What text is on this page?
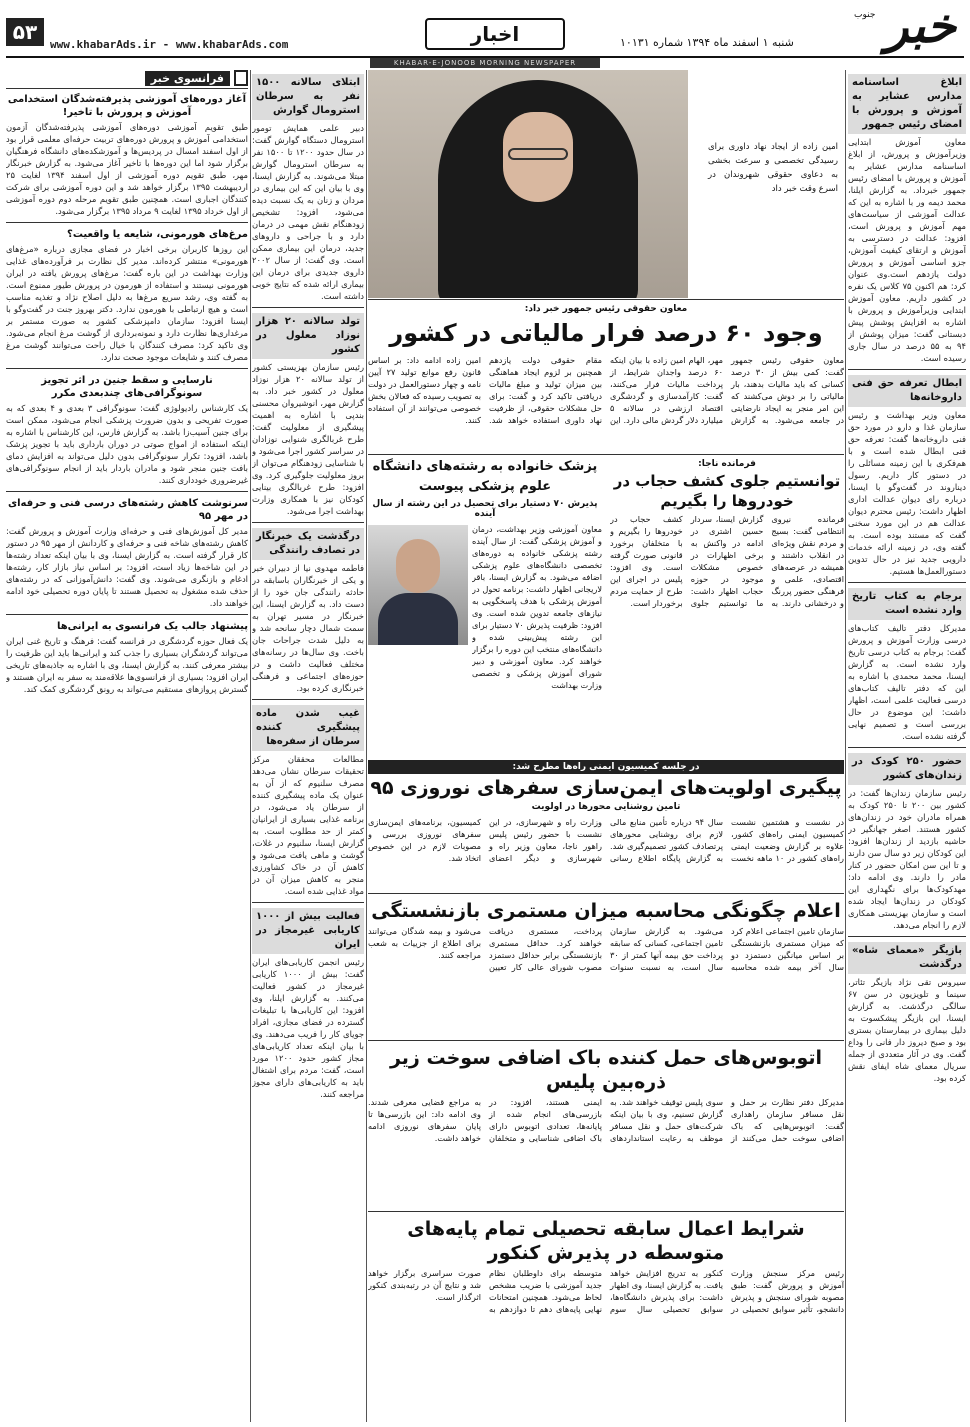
۵۳
www.khabarAds.ir - www.khabarAds.com	اخبار	شنبه ۱ اسفند ماه ۱۳۹۴ شماره ۱۰۱۳۱ خبر
جنوب
KHABAR-E-JONOOB MORNING NEWSPAPER
ابلاغ اساسنامه مدارس عشایر به آموزش و پرورش با امضای رئیس جمهور

معاون آموزش ابتدایی وزیرآموزش و پرورش، از ابلاغ اساسنامه مدارس عشایر به آموزش و پرورش با امضای رئیس جمهور خبرداد. به گزارش ایلنا، محمد دیمه ور با اشاره به این که عدالت آموزشی از سیاست‌های مهم آموزش و پرورش است، افزود: عدالت در دسترسی به آموزش و ارتقای کیفیت آموزش، جزو اساسی آموزش و پرورش دولت یازدهم است.وی عنوان کرد: هم اکنون ۷۵ کلاس یک نفره در کشور داریم. معاون آموزش ابتدایی وزیرآموزش و پرورش با اشاره به افزایش پوشش پیش دبستانی گفت: میزان پوشش از ۹۴ به ۵۵ درصد در سال جاری رسیده است.

ابطال تعرفه حق فنی داروخانه‌ها

معاون وزیر بهداشت و رئیس سازمان غذا و دارو در مورد حق فنی داروخانه‌ها گفت: تعرفه حق فنی ابطال شده است و با هم‌فکری با این زمینه مسائلی را در دستور کار داریم. رسول دیناروند در گفت‌وگو با ایسنا، درباره رای دیوان عدالت اداری اظهار داشت: رئیس محترم دیوان عدالت هم در این مورد سخنی گفت که مستند بوده است. به گفته وی، در زمینه ارائه خدمات دارویی جدید نیز در حال تدوین دستورالعمل‌ها هستیم.

برجام به کتاب تاریخ وارد نشده است

مدیرکل دفتر تالیف کتاب‌های درسی وزارت آموزش و پرورش گفت: برجام به کتاب درسی تاریخ وارد نشده است. به گزارش ایسنا، محمد محمدی با اشاره به این که دفتر تالیف کتاب‌های درسی فعالیت علمی است، اظهار داشت: این موضوع در حال بررسی است و تصمیم نهایی گرفته نشده است.

حضور ۲۵۰ کودک در زندان‌های کشور

رئیس سازمان زندان‌ها گفت: در کشور بین ۲۰۰ تا ۲۵۰ کودک به همراه مادران خود در زندان‌های کشور هستند. اصغر جهانگیر در حاشیه بازدید از زندان‌ها افزود: این کودکان زیر دو سال سن دارند و تا این سن امکان حضور در کنار مادر را دارند. وی ادامه داد: مهدکودک‌ها برای نگهداری این کودکان در زندان‌ها ایجاد شده است و سازمان بهزیستی همکاری لازم را انجام می‌دهد.

بازیگر «معمای شاه» درگذشت

سیروس تقی نژاد بازیگر تئاتر، سینما و تلویزیون در سن ۶۷ سالگی درگذشت. به گزارش ایسنا، این بازیگر پیشکسوت به دلیل بیماری در بیمارستان بستری بود و صبح دیروز دار فانی را وداع گفت. وی در آثار متعددی از جمله سریال معمای شاه ایفای نقش کرده بود.

امین زاده از ایجاد نهاد داوری برای رسیدگی تخصصی و سرعت بخشی به دعاوی حقوقی شهروندان در اسرع وقت خبر داد
معاون حقوقی رئیس جمهور خبر داد:
وجود ۶۰ درصد فرار مالیاتی در کشور
معاون حقوقی رئیس جمهور گفت: کمی بیش از ۳۰ درصد کسانی که باید مالیات بدهند، بار مالیاتی را بر دوش می‌کشند که این امر منجر به ایجاد نارضایتی در جامعه می‌شود. به گزارش مهر، الهام امین زاده با بیان اینکه ۶۰ درصد واجدان شرایط، از پرداخت مالیات فرار می‌کنند، گفت: کارآمدسازی و گردشگری اقتصاد ارزشی در سالانه ۵ میلیارد دلار گردش مالی دارد. این مقام حقوقی دولت یازدهم همچنین بر لزوم ایجاد هماهنگی بین میزان تولید و مبلغ مالیات دریافتی تاکید کرد و گفت: برای حل مشکلات حقوقی، از ظرفیت نهاد داوری استفاده خواهد شد. امین زاده ادامه داد: بر اساس قانون رفع موانع تولید ۲۷ آیین نامه و چهار دستورالعمل در دولت به تصویب رسیده که فعالان بخش خصوصی می‌توانند از آن استفاده کنند.
فرمانده ناجا:
توانستیم جلوی کشف حجاب در خودروها را بگیریم
فرمانده نیروی انتظامی گفت: بسیج و مردم نقش ویژه‌ای در انقلاب داشتند و همیشه در عرصه‌های اقتصادی، علمی و فرهنگی حضور پررنگ و درخشانی دارند. به گزارش ایسنا، سردار حسین اشتری در ادامه در واکنش به برخی اظهارات در خصوص مشکلات موجود در حوزه حجاب اظهار داشت: ما توانستیم جلوی کشف حجاب در خودروها را بگیریم و با متخلفان برخورد قانونی صورت گرفته است. وی افزود: پلیس در اجرای این طرح از حمایت مردم برخوردار است.
پزشک خانواده به رشته‌های دانشگاه علوم پزشکی پیوست
پذیرش ۷۰ دستیار برای تحصیل در این رشته از سال آینده
معاون آموزشی وزیر بهداشت، درمان و آموزش پزشکی گفت: از سال آینده رشته پزشکی خانواده به دوره‌های تخصصی دانشگاه‌های علوم پزشکی اضافه می‌شود. به گزارش ایسنا، باقر لاریجانی اظهار داشت: برنامه تحول در آموزش پزشکی با هدف پاسخگویی به نیازهای جامعه تدوین شده است. وی افزود: ظرفیت پذیرش ۷۰ دستیار برای این رشته پیش‌بینی شده و دانشگاه‌های منتخب این دوره را برگزار خواهند کرد. معاون آموزشی و دبیر شورای آموزش پزشکی و تخصصی وزارت بهداشت
در جلسه کمیسیون ایمنی راه‌ها مطرح شد:
پیگیری اولویت‌های ایمن‌سازی سفرهای نوروزی ۹۵
تامین روشنایی محورها در اولویت
در نشست و هشتمین نشست کمیسیون ایمنی راه‌های کشور، علاوه بر گزارش وضعیت ایمنی راه‌های کشور در ۱۰ ماهه نخست سال ۹۴ درباره تأمین منابع مالی لازم برای روشنایی محورهای پرتصادف کشور تصمیم‌گیری شد. به گزارش پایگاه اطلاع رسانی وزارت راه و شهرسازی، در این نشست با حضور رئیس پلیس راهور ناجا، معاون وزیر راه و شهرسازی و دیگر اعضای کمیسیون، برنامه‌های ایمن‌سازی سفرهای نوروزی بررسی و مصوبات لازم در این خصوص اتخاذ شد.
اعلام چگونگی محاسبه میزان مستمری بازنشستگی
سازمان تامین اجتماعی اعلام کرد که میزان مستمری بازنشستگی بر اساس میانگین دستمزد دو سال آخر بیمه شده محاسبه می‌شود. به گزارش سازمان تامین اجتماعی، کسانی که سابقه پرداخت حق بیمه آنها کمتر از ۳۰ سال است، به نسبت سنوات پرداخت، مستمری دریافت خواهند کرد. حداقل مستمری بازنشستگی برابر حداقل دستمزد مصوب شورای عالی کار تعیین می‌شود و بیمه شدگان می‌توانند برای اطلاع از جزییات به شعب مراجعه کنند.
اتوبوس‌های حمل کننده باک اضافی سوخت زیر ذره‌بین پلیس
مدیرکل دفتر نظارت بر حمل و نقل مسافر سازمان راهداری گفت: اتوبوس‌هایی که باک اضافی سوخت حمل می‌کنند از سوی پلیس توقیف خواهند شد. به گزارش تسنیم، وی با بیان اینکه شرکت‌های حمل و نقل مسافر موظف به رعایت استانداردهای ایمنی هستند، افزود: در بازرسی‌های انجام شده از پایانه‌ها، تعدادی اتوبوس دارای باک اضافی شناسایی و متخلفان به مراجع قضایی معرفی شدند. وی ادامه داد: این بازرسی‌ها تا پایان سفرهای نوروزی ادامه خواهد داشت.
شرایط اعمال سابقه تحصیلی تمام پایه‌های متوسطه در پذیرش کنکور
رئیس مرکز سنجش وزارت آموزش و پرورش گفت: طبق مصوبه شورای سنجش و پذیرش دانشجو، تأثیر سوابق تحصیلی در کنکور به تدریج افزایش خواهد یافت. به گزارش ایسنا، وی اظهار داشت: برای پذیرش دانشگاه‌ها، سوابق تحصیلی سال سوم متوسطه برای داوطلبان نظام جدید آموزشی با ضریب مشخص لحاظ می‌شود. همچنین امتحانات نهایی پایه‌های دهم تا دوازدهم به صورت سراسری برگزار خواهد شد و نتایج آن در رتبه‌بندی کنکور اثرگذار است.
ابتلای سالانه ۱۵۰۰ نفر به سرطان استرومال گوارش

دبیر علمی همایش تومور استرومال دستگاه گوارش گفت: در سال حدود ۱۲۰۰ تا ۱۵۰۰ نفر به سرطان استرومال گوارش مبتلا می‌شوند. به گزارش ایسنا، وی با بیان این که این بیماری در مردان و زنان به یک نسبت دیده می‌شود، افزود: تشخیص زودهنگام نقش مهمی در درمان دارد و با جراحی و داروهای جدید، درمان این بیماری ممکن است. وی گفت: از سال ۲۰۰۲ داروی جدیدی برای درمان این بیماری ارائه شده که نتایج خوبی داشته است.

تولد سالانه ۲۰ هزار نوزاد معلول در کشور

رئیس سازمان بهزیستی کشور از تولد سالانه ۲۰ هزار نوزاد معلول در کشور خبر داد. به گزارش مهر، انوشیروان محسنی بندپی با اشاره به اهمیت پیشگیری از معلولیت گفت: طرح غربالگری شنوایی نوزادان در سراسر کشور اجرا می‌شود و با شناسایی زودهنگام می‌توان از بروز معلولیت جلوگیری کرد. وی افزود: طرح غربالگری بینایی کودکان نیز با همکاری وزارت بهداشت اجرا می‌شود.

درگذشت یک خبرنگار در تصادف رانندگی

فاطمه مهدوی نیا از دبیران خبر و یکی از خبرنگاران باسابقه در حادثه رانندگی جان خود را از دست داد. به گزارش ایسنا، این خبرنگار در مسیر تهران به سمت شمال دچار سانحه شد و به دلیل شدت جراحات جان باخت. وی سال‌ها در رسانه‌های مختلف فعالیت داشت و در حوزه‌های اجتماعی و فرهنگی خبرنگاری کرده بود.

غیب شدن ماده پیشگیری کننده سرطان از سفره‌ها

مطالعات محققان مرکز تحقیقات سرطان نشان می‌دهد مصرف سلنیوم که از آن به عنوان یک ماده پیشگیری کننده از سرطان یاد می‌شود، در برنامه غذایی بسیاری از ایرانیان کمتر از حد مطلوب است. به گزارش ایسنا، سلنیوم در غلات، گوشت و ماهی یافت می‌شود و کاهش آن در خاک کشاورزی منجر به کاهش میزان آن در مواد غذایی شده است.

فعالیت بیش از ۱۰۰۰ کاریابی غیرمجاز در ایران

رئیس انجمن کاریابی‌های ایران گفت: بیش از ۱۰۰۰ کاریابی غیرمجاز در کشور فعالیت می‌کنند. به گزارش ایلنا، وی افزود: این کاریابی‌ها با تبلیغات گسترده در فضای مجازی، افراد جویای کار را فریب می‌دهند. وی با بیان اینکه تعداد کاریابی‌های مجاز کشور حدود ۱۲۰۰ مورد است، گفت: مردم برای اشتغال باید به کاریابی‌های دارای مجوز مراجعه کنند.

فرانسوی خبر
آغاز دوره‌های آموزشی پذیرفته‌شدگان استخدامی آموزش و پرورش با تاخیر!

طبق تقویم آموزشی دوره‌های آموزشی پذیرفته‌شدگان آزمون استخدامی آموزش و پرورش دوره‌های تربیت حرفه‌ای معلمی قرار بود از اول اسفند امسال در پردیس‌ها و آموزشکده‌های دانشگاه فرهنگیان برگزار شود اما این دوره‌ها با تاخیر آغاز می‌شود. به گزارش خبرنگار مهر، طبق تقویم دوره آموزشی از اول اسفند ۱۳۹۴ لغایت ۲۵ اردیبهشت ۱۳۹۵ برگزار خواهد شد و این دوره آموزشی برای شرکت کنندگان اجباری است. همچنین طبق تقویم مرحله دوم دوره آموزشی از اول خرداد ۱۳۹۵ لغایت ۹ مرداد ۱۳۹۵ برگزار می‌شود.

مرغ‌های هورمونی، شایعه یا واقعیت؟

این روزها کاربران برخی اخبار در فضای مجازی درباره «مرغ‌های هورمونی» منتشر کرده‌اند. مدیر کل نظارت بر فرآورده‌های غذایی وزارت بهداشت در این باره گفت: مرغ‌های پرورش یافته در ایران هورمونی نیستند و استفاده از هورمون در پرورش طیور ممنوع است. به گفته وی، رشد سریع مرغ‌ها به دلیل اصلاح نژاد و تغذیه مناسب است و هیچ ارتباطی با هورمون ندارد. دکتر بهروز جنت در گفت‌وگو با ایسنا افزود: سازمان دامپزشکی کشور به صورت مستمر بر مرغداری‌ها نظارت دارد و نمونه‌برداری از گوشت مرغ انجام می‌شود. وی تاکید کرد: مصرف کنندگان با خیال راحت می‌توانند گوشت مرغ مصرف کنند و شایعات موجود صحت ندارد.

نارسایی و سقط جنین در اثر تجویز سونوگرافی‌های چندبعدی مکرر

یک کارشناس رادیولوژی گفت: سونوگرافی ۳ بعدی و ۴ بعدی که به صورت تفریحی و بدون ضرورت پزشکی انجام می‌شود، ممکن است برای جنین آسیب‌زا باشد. به گزارش فارس، این کارشناس با اشاره به اینکه استفاده از امواج صوتی در دوران بارداری باید با تجویز پزشک باشد، افزود: تکرار سونوگرافی بدون دلیل می‌تواند به افزایش دمای بافت جنین منجر شود و مادران باردار باید از انجام سونوگرافی‌های غیرضروری خودداری کنند.

سرنوشت کاهش رشته‌های درسی فنی و حرفه‌ای در مهر ۹۵

مدیر کل آموزش‌های فنی و حرفه‌ای وزارت آموزش و پرورش گفت: کاهش رشته‌های شاخه فنی و حرفه‌ای و کاردانش از مهر ۹۵ در دستور کار قرار گرفته است. به گزارش ایسنا، وی با بیان اینکه تعداد رشته‌ها در این شاخه‌ها زیاد است، افزود: بر اساس نیاز بازار کار، رشته‌ها ادغام و بازنگری می‌شوند. وی گفت: دانش‌آموزانی که در رشته‌های حذف شده مشغول به تحصیل هستند تا پایان دوره تحصیلی خود ادامه خواهند داد.

پیشنهاد جالب یک فرانسوی به ایرانی‌ها

یک فعال حوزه گردشگری در فرانسه گفت: فرهنگ و تاریخ غنی ایران می‌تواند گردشگران بسیاری را جذب کند و ایرانی‌ها باید این ظرفیت را بیشتر معرفی کنند. به گزارش ایسنا، وی با اشاره به جاذبه‌های تاریخی ایران افزود: بسیاری از فرانسوی‌ها علاقه‌مند به سفر به ایران هستند و گسترش پروازهای مستقیم می‌تواند به رونق گردشگری کمک کند.
